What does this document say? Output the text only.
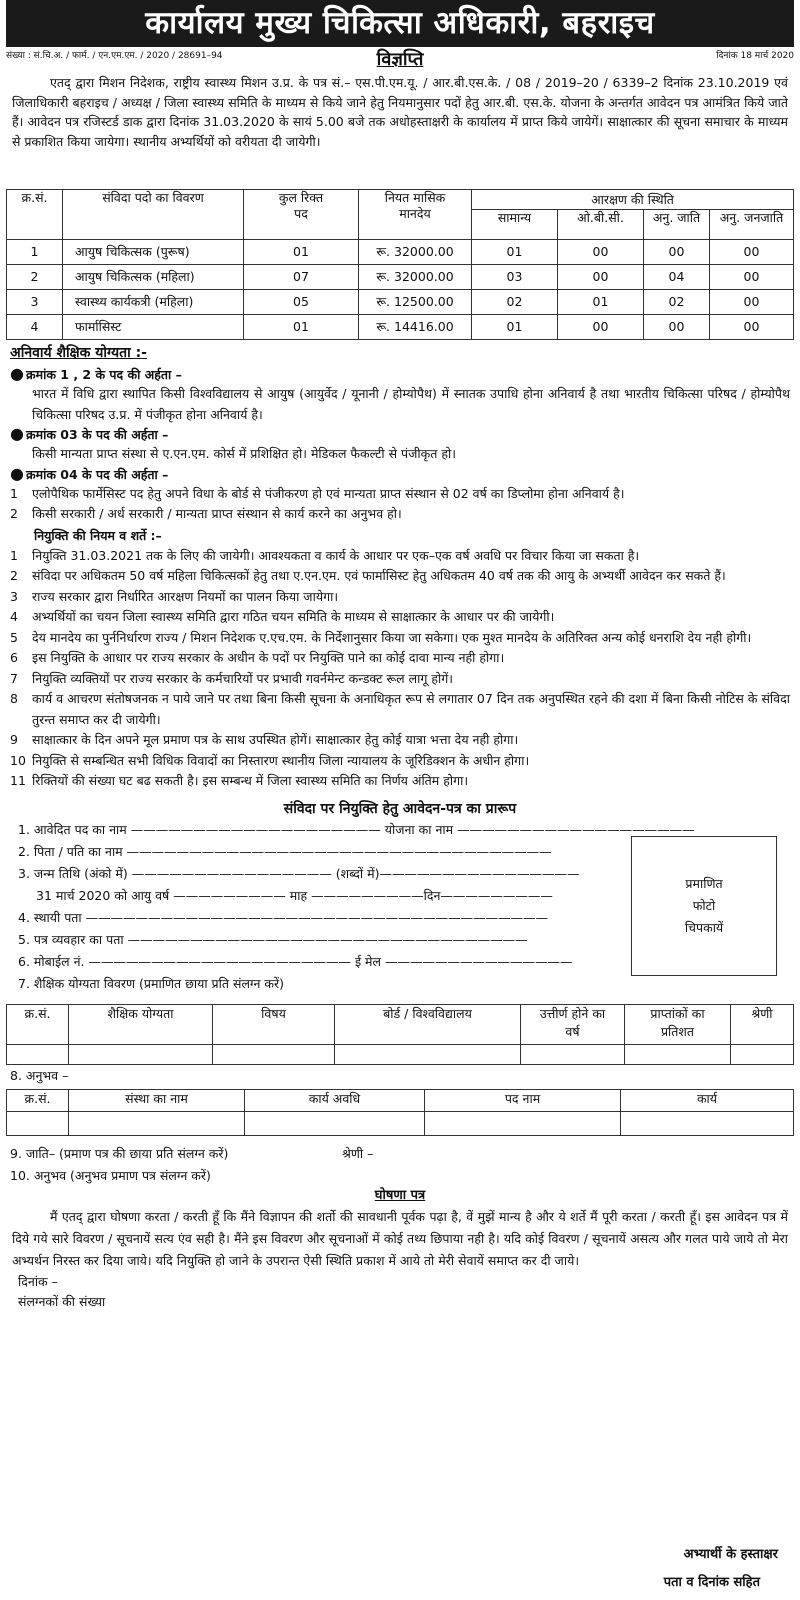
कार्यालय मुख्य चिकित्सा अधिकारी, बहराइच
संख्या : सं.चि.अ. / फार्म. / एन.एम.एम. / 2020 / 28691–94	दिनांक 18 मार्च 2020
विज्ञप्ति

एतद् द्वारा मिशन निदेशक, राष्ट्रीय स्वास्थ्य मिशन उ.प्र. के पत्र सं.– एस.पी.एम.यू. / आर.बी.एस.के. / 08 / 2019–20 / 6339–2 दिनांक 23.10.2019 एवं जिलाधिकारी बहराइच / अध्यक्ष / जिला स्वास्थ्य समिति के माध्यम से किये जाने हेतु नियमानुसार पदों हेतु आर.बी. एस.के. योजना के अन्तर्गत आवेदन पत्र आमंत्रित किये जाते हैं। आवेदन पत्र रजिस्टर्ड डाक द्वारा दिनांक 31.03.2020 के सायं 5.00 बजे तक अधोहस्ताक्षरी के कार्यालय में प्राप्त किये जायेगें। साक्षात्कार की सूचना समाचार के माध्यम से प्रकाशित किया जायेगा। स्थानीय अभ्यर्थियों को वरीयता दी जायेगी।

क्र.सं.	संविदा पदो का विवरण	कुल रिक्त पद	नियत मासिक मानदेय	आरक्षण की स्थिति			
				सामान्य	ओ.बी.सी.	अनु. जाति	अनु. जनजाति
1	आयुष चिकित्सक (पुरूष)	01	रू. 32000.00	01	00	00	00
2	आयुष चिकित्सक (महिला)	07	रू. 32000.00	03	00	04	00
3	स्वास्थ्य कार्यकत्री (महिला)	05	रू. 12500.00	02	01	02	00
4	फार्मासिस्ट	01	रू. 14416.00	01	00	00	00
अनिवार्य शैक्षिक योग्यता :-
● क्रमांक 1 , 2 के पद की अर्हता –
भारत में विधि द्वारा स्थापित किसी विश्वविद्यालय से आयुष (आयुर्वेद / यूनानी / होम्योपैथ) में स्नातक उपाधि होना अनिवार्य है तथा भारतीय चिकित्सा परिषद / होम्योपैथ चिकित्सा परिषद उ.प्र. में पंजीकृत होना अनिवार्य है।
● क्रमांक 03 के पद की अर्हता –
किसी मान्यता प्राप्त संस्था से ए.एन.एम. कोर्स में प्रशिक्षित हो। मेडिकल फैकल्टी से पंजीकृत हो।
● क्रमांक 04 के पद की अर्हता –
1	एलोपैथिक फार्मेसिस्ट पद हेतु अपने विधा के बोर्ड से पंजीकरण हो एवं मान्यता प्राप्त संस्थान से 02 वर्ष का डिप्लोमा होना अनिवार्य है।
2	किसी सरकारी / अर्ध सरकारी / मान्यता प्राप्त संस्थान से कार्य करने का अनुभव हो।
नियुक्ति की नियम व शर्ते :–
1	नियुक्ति 31.03.2021 तक के लिए की जायेगी। आवश्यकता व कार्य के आधार पर एक–एक वर्ष अवधि पर विचार किया जा सकता है।
2	संविदा पर अधिकतम 50 वर्ष महिला चिकित्सकों हेतु तथा ए.एन.एम. एवं फार्मासिस्ट हेतु अधिकतम 40 वर्ष तक की आयु के अभ्यर्थी आवेदन कर सकते हैं।
3	राज्य सरकार द्वारा निर्धारित आरक्षण नियमों का पालन किया जायेगा।
4	अभ्यर्थियों का चयन जिला स्वास्थ्य समिति द्वारा गठित चयन समिति के माध्यम से साक्षात्कार के आधार पर की जायेगी।
5	देय मानदेय का पुर्ननिर्धारण राज्य / मिशन निदेशक ए.एच.एम. के निर्देशानुसार किया जा सकेगा। एक मुश्त मानदेय के अतिरिक्त अन्य कोई धनराशि देय नही होगी।
6	इस नियुक्ति के आधार पर राज्य सरकार के अधीन के पदों पर नियुक्ति पाने का कोई दावा मान्य नही होगा।
7	नियुक्ति व्यक्तियों पर राज्य सरकार के कर्मचारियों पर प्रभावी गवर्नमेन्ट कन्डक्ट रूल लागू होगें।
8	कार्य व आचरण संतोषजनक न पाये जाने पर तथा बिना किसी सूचना के अनाधिकृत रूप से लगातार 07 दिन तक अनुपस्थित रहने की दशा में बिना किसी नोटिस के संविदा तुरन्त समाप्त कर दी जायेगी।
9	साक्षात्कार के दिन अपने मूल प्रमाण पत्र के साथ उपस्थित होगें। साक्षात्कार हेतु कोई यात्रा भत्ता देय नही होगा।
10 नियुक्ति से सम्बन्धित सभी विधिक विवादों का निस्तारण स्थानीय जिला न्यायालय के जूरिडिक्शन के अधीन होगा।
11 रिक्तियों की संख्या घट बढ सकती है। इस सम्बन्ध में जिला स्वास्थ्य समिति का निर्णय अंतिम होगा।
संविदा पर नियुक्ति हेतु आवेदन-पत्र का प्रारूप
1. आवेदित पद का नाम ———————————————————— योजना का नाम ———————————————————
2. पिता / पति का नाम ——————————————————————————————————
3. जन्म तिथि (अंको में) ———————————————— (शब्दों में)————————————————
31 मार्च 2020 को आयु वर्ष ————————— माह —————————दिन—————————
4. स्थायी पता —————————————————————————————————————
5. पत्र व्यवहार का पता ————————————————————————————————
6. मोबाईल नं. ————————————————————— ई मेल ———————————————
7. शैक्षिक योग्यता विवरण (प्रमाणित छाया प्रति संलग्न करें)
प्रमाणित
फोटो
चिपकायें
क्र.सं.	शैक्षिक योग्यता	विषय	बोर्ड / विश्वविद्यालय	उत्तीर्ण होने का वर्ष	प्राप्तांकों का प्रतिशत	श्रेणी

8. अनुभव –
क्र.सं.	संस्था का नाम	कार्य अवधि	पद नाम	कार्य

9. जाति– (प्रमाण पत्र की छाया प्रति संलग्न करें)	श्रेणी –
10. अनुभव (अनुभव प्रमाण पत्र संलग्न करें)
घोषणा पत्र

मैं एतद् द्वारा घोषणा करता / करती हूँ कि मैंने विज्ञापन की शर्तो की सावधानी पूर्वक पढ़ा है, वें मुझें मान्य है और ये शर्ते मैं पूरी करता / करती हूँ। इस आवेदन पत्र में दिये गये सारे विवरण / सूचनायें सत्य एंव सही है। मैंने इस विवरण और सूचनाओं में कोई तथ्य छिपाया नही है। यदि कोई विवरण / सूचनायें असत्य और गलत पाये जाये तो मेरा अभ्यर्थन निरस्त कर दिया जाये। यदि नियुक्ति हो जाने के उपरान्त ऐसी स्थिति प्रकाश में आये तो मेरी सेवायें समाप्त कर दी जाये।

दिनांक –
संलग्नकों की संख्या
अभ्यार्थी के हस्ताक्षर
पता व दिनांक सहित
